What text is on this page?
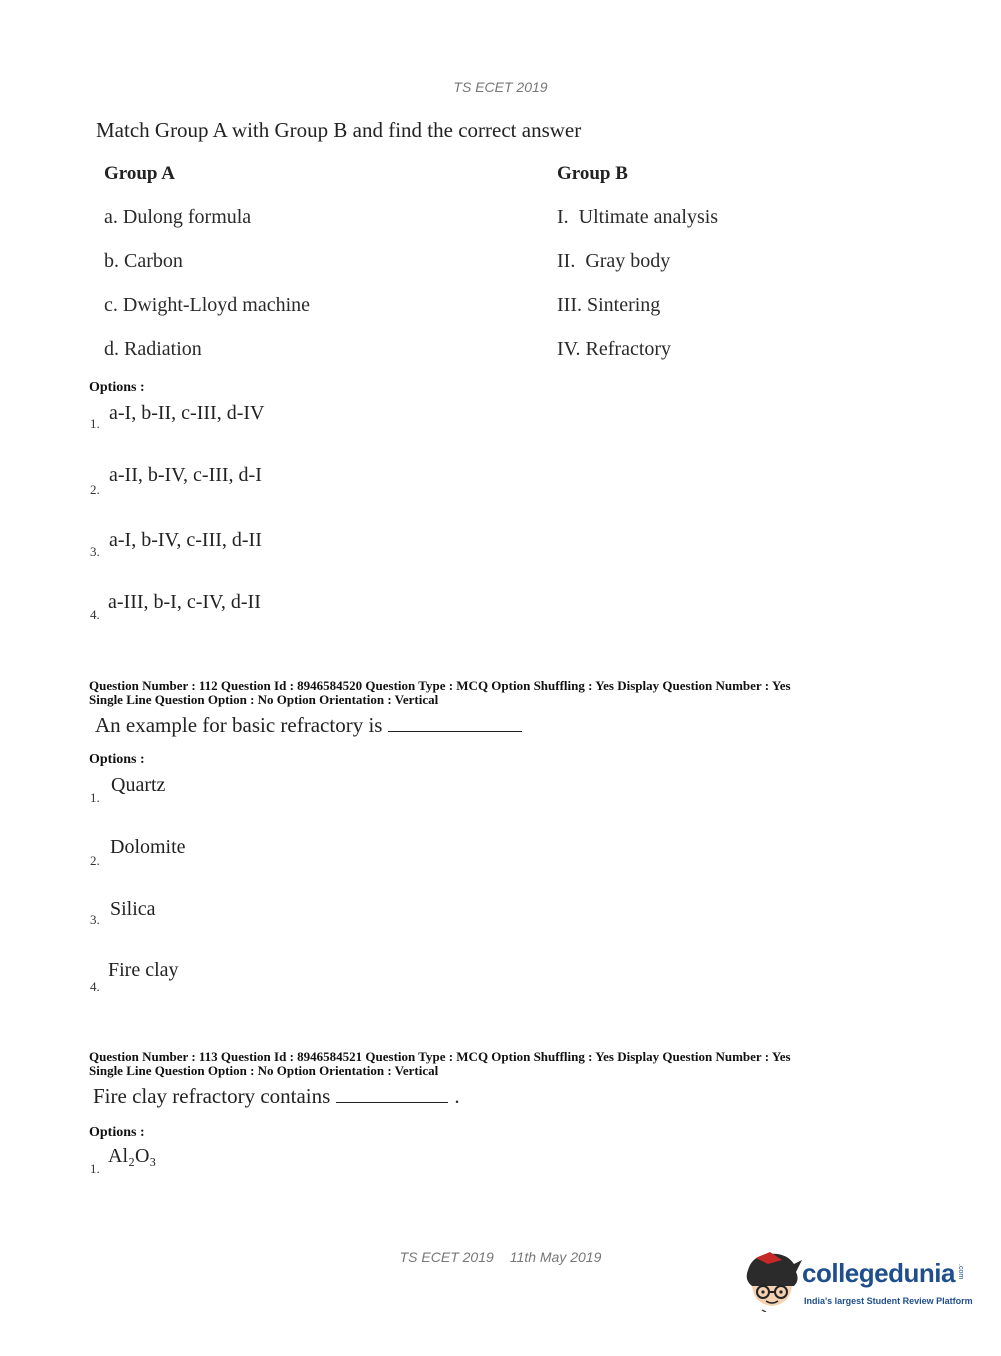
TS ECET 2019
Match Group A with Group B and find the correct answer
Group A	Group B
a. Dulong formula
b. Carbon
c. Dwight-Lloyd machine
d. Radiation
I.  Ultimate analysis
II.  Gray body
III. Sintering
IV. Refractory
Options :
1. a-I, b-II, c-III, d-IV
2.
a-II, b-IV, c-III, d-I
3.
a-I, b-IV, c-III, d-II
4.
a-III, b-I, c-IV, d-II
Question Number : 112 Question Id : 8946584520 Question Type : MCQ Option Shuffling : Yes Display Question Number : Yes
Single Line Question Option : No Option Orientation : Vertical
An example for basic refractory is
Options :
1.
Quartz
2.
Dolomite
3. Silica
4.
Fire clay
Question Number : 113 Question Id : 8946584521 Question Type : MCQ Option Shuffling : Yes Display Question Number : Yes
Single Line Question Option : No Option Orientation : Vertical
Fire clay refractory contains	.
Options :
1.
Al₂O₃
TS ECET 2019 11th May 2019
collegedunia .com
India's largest Student Review Platform
